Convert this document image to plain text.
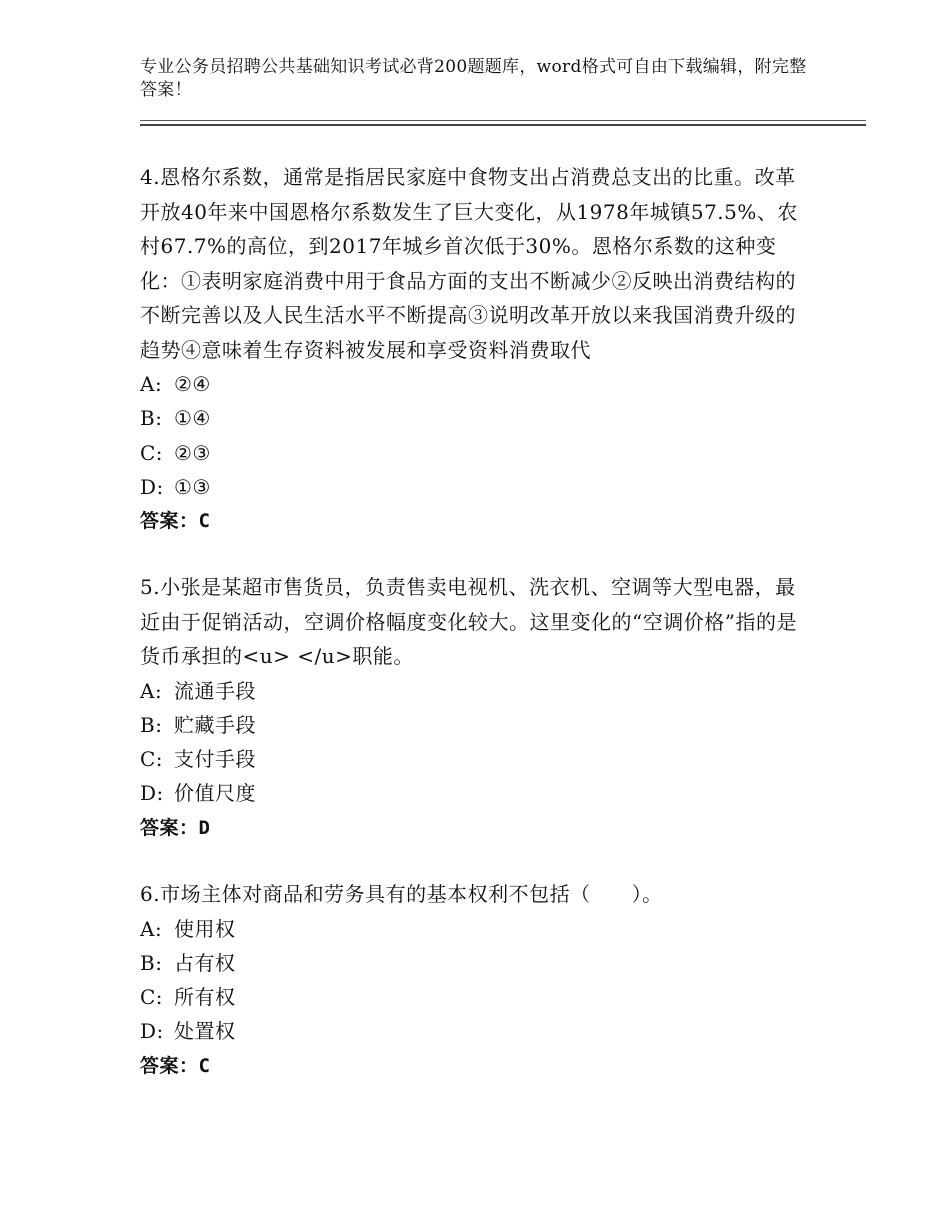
专业公务员招聘公共基础知识考试必背200题题库，word格式可自由下载编辑，附完整答案！
4.恩格尔系数，通常是指居民家庭中食物支出占消费总支出的比重。改革开放40年来中国恩格尔系数发生了巨大变化，从1978年城镇57.5%、农村67.7%的高位，到2017年城乡首次低于30%。恩格尔系数的这种变化：①表明家庭消费中用于食品方面的支出不断减少②反映出消费结构的不断完善以及人民生活水平不断提高③说明改革开放以来我国消费升级的趋势④意味着生存资料被发展和享受资料消费取代
A: ②④
B: ①④
C: ②③
D: ①③
答案：C
5.小张是某超市售货员，负责售卖电视机、洗衣机、空调等大型电器，最近由于促销活动，空调价格幅度变化较大。这里变化的“空调价格”指的是货币承担的<u> </u>职能。
A: 流通手段
B: 贮藏手段
C: 支付手段
D: 价值尺度
答案：D
6.市场主体对商品和劳务具有的基本权利不包括（　　）。
A: 使用权
B: 占有权
C: 所有权
D: 处置权
答案：C
